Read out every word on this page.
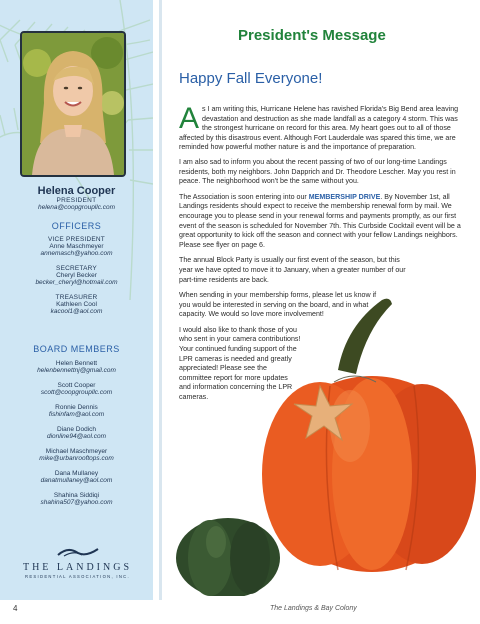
Helena Cooper
PRESIDENT
helena@coopgroupllc.com
OFFICERS
VICE PRESIDENT
Anne Maschmeyer
annemasch@yahoo.com
SECRETARY
Cheryl Becker
becker_cheryl@hotmail.com
TREASURER
Kathleen Cool
kacool1@aol.com
BOARD MEMBERS
Helen Bennett
helenbennettnj@gmail.com
Scott Cooper
scott@coopgroupllc.com
Ronnie Dennis
fishinfam@aol.com
Diane Dodich
dionline94@aol.com
Michael Maschmeyer
mike@urbanrooftops.com
Dana Mullaney
danatmullaney@aol.com
Shahina Siddiqi
shahina507@yahoo.com
THE LANDINGS
RESIDENTIAL ASSOCIATION, INC.
President's Message
Happy Fall Everyone!

A s I am writing this, Hurricane Helene has ravished Florida's Big Bend area leaving devastation and destruction as she made landfall as a category 4 storm. This was the strongest hurricane on record for this area. My heart goes out to all of those affected by this disastrous event. Although Fort Lauderdale was spared this time, we are reminded how powerful mother nature is and the importance of preparation.

I am also sad to inform you about the recent passing of two of our long-time Landings residents, both my neighbors. John Dapprich and Dr. Theodore Lescher. May you rest in peace. The neighborhood won't be the same without you.

The Association is soon entering into our MEMBERSHIP DRIVE. By November 1st, all Landings residents should expect to receive the membership renewal form by mail. We encourage you to please send in your renewal forms and payments promptly, as our first event of the season is scheduled for November 7th. This Curbside Cocktail event will be a great opportunity to kick off the season and connect with your fellow Landings neighbors. Please see flyer on page 6.

The annual Block Party is usually our first event of the season, but this year we have opted to move it to January, when a greater number of our part-time residents are back.

When sending in your membership forms, please let us know if you would be interested in serving on the board, and in what capacity. We would so love more involvement!

I would also like to thank those of you who sent in your camera contributions! Your continued funding support of the LPR cameras is needed and greatly appreciated! Please see the committee report for more updates and information concerning the LPR cameras.

4	The Landings & Bay Colony
